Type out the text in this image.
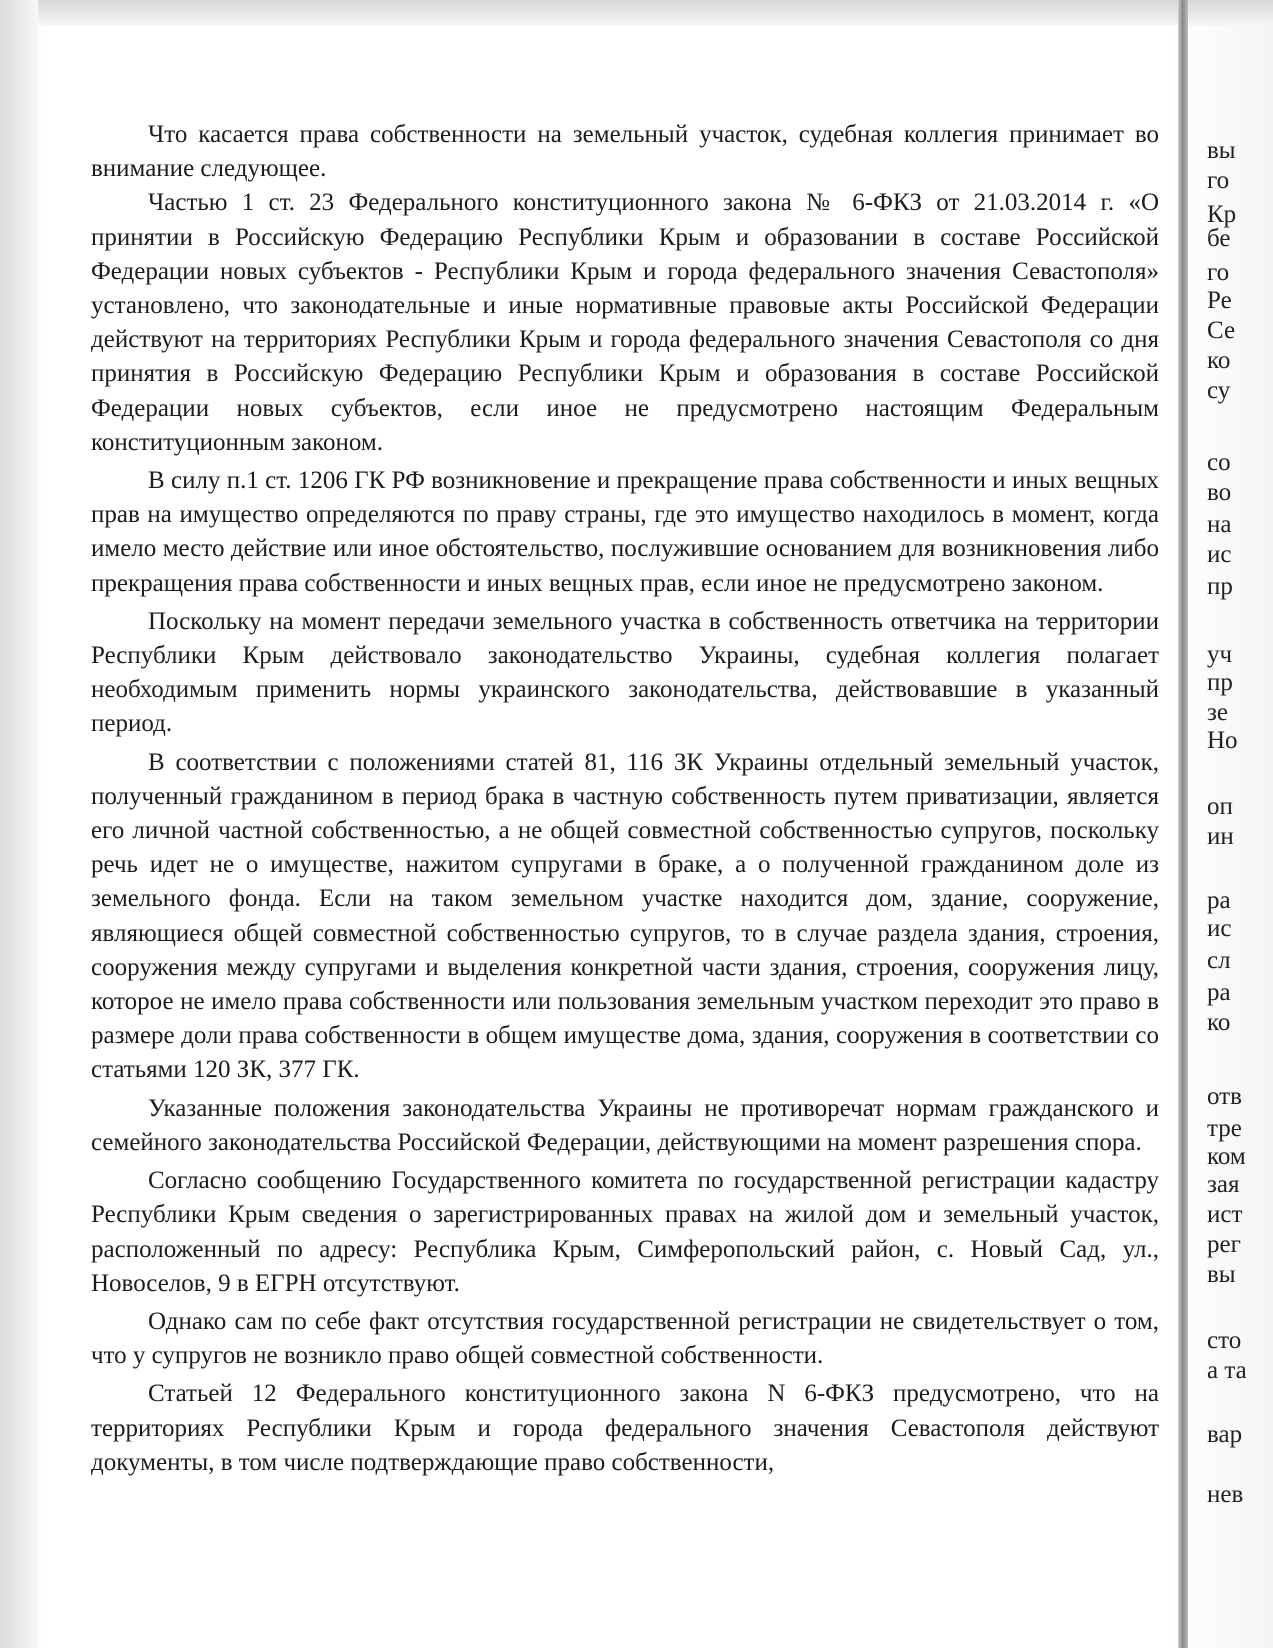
Что касается права собственности на земельный участок, судебная коллегия принимает во внимание следующее.

Частью 1 ст. 23 Федерального конституционного закона № 6-ФКЗ от 21.03.2014 г. «О принятии в Российскую Федерацию Республики Крым и образовании в составе Российской Федерации новых субъектов - Республики Крым и города федерального значения Севастополя» установлено, что законодательные и иные нормативные правовые акты Российской Федерации действуют на территориях Республики Крым и города федерального значения Севастополя со дня принятия в Российскую Федерацию Республики Крым и образования в составе Российской Федерации новых субъектов, если иное не предусмотрено настоящим Федеральным конституционным законом.

В силу п.1 ст. 1206 ГК РФ возникновение и прекращение права собственности и иных вещных прав на имущество определяются по праву страны, где это имущество находилось в момент, когда имело место действие или иное обстоятельство, послужившие основанием для возникновения либо прекращения права собственности и иных вещных прав, если иное не предусмотрено законом.

Поскольку на момент передачи земельного участка в собственность ответчика на территории Республики Крым действовало законодательство Украины, судебная коллегия полагает необходимым применить нормы украинского законодательства, действовавшие в указанный период.

В соответствии с положениями статей 81, 116 ЗК Украины отдельный земельный участок, полученный гражданином в период брака в частную собственность путем приватизации, является его личной частной собственностью, а не общей совместной собственностью супругов, поскольку речь идет не о имуществе, нажитом супругами в браке, а о полученной гражданином доле из земельного фонда. Если на таком земельном участке находится дом, здание, сооружение, являющиеся общей совместной собственностью супругов, то в случае раздела здания, строения, сооружения между супругами и выделения конкретной части здания, строения, сооружения лицу, которое не имело права собственности или пользования земельным участком переходит это право в размере доли права собственности в общем имуществе дома, здания, сооружения в соответствии со статьями 120 ЗК, 377 ГК.

Указанные положения законодательства Украины не противоречат нормам гражданского и семейного законодательства Российской Федерации, действующими на момент разрешения спора.

Согласно сообщению Государственного комитета по государственной регистрации кадастру Республики Крым сведения о зарегистрированных правах на жилой дом и земельный участок, расположенный по адресу: Республика Крым, Симферопольский район, с. Новый Сад, ул., Новоселов, 9 в ЕГРН отсутствуют.

Однако сам по себе факт отсутствия государственной регистрации не свидетельствует о том, что у супругов не возникло право общей совместной собственности.

Статьей 12 Федерального конституционного закона N 6-ФКЗ предусмотрено, что на территориях Республики Крым и города федерального значения Севастополя действуют документы, в том числе подтверждающие право собственности,

вы
го
Кр
бе
го
Ре
Се
ко
су
со
во
на
ис
пр
уч
пр
зе
Но
оп
ин
ра
ис
сл
ра
ко
отв
тре
ком
зая
ист
рег
вы
сто
а та
вар
нев
